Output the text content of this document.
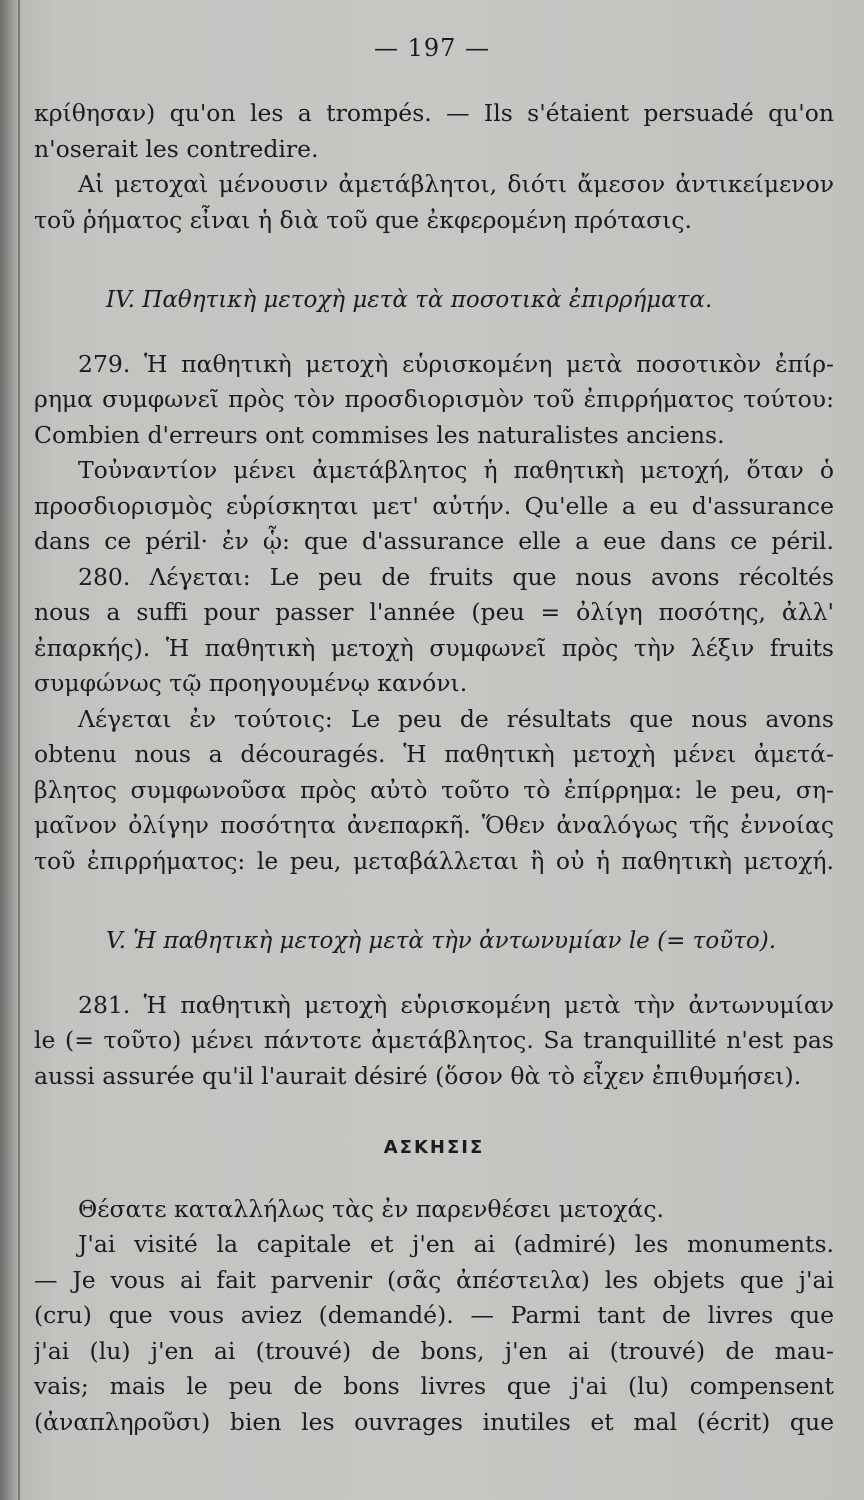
— 197 —
κρίθησαν) qu'on les a trompés. — Ils s'étaient persuadé qu'on
n'oserait les contredire.
Αἱ μετοχαὶ μένουσιν ἀμετάβλητοι, διότι ἄμεσον ἀντικείμενον
τοῦ ῥήματος εἶναι ἡ διὰ τοῦ que ἐκφερομένη πρότασις.
IV. Παθητικὴ μετοχὴ μετὰ τὰ ποσοτικὰ ἐπιρρήματα.
279. Ἡ παθητικὴ μετοχὴ εὑρισκομένη μετὰ ποσοτικὸν ἐπίρ-
ρημα συμφωνεῖ πρὸς τὸν προσδιορισμὸν τοῦ ἐπιρρήματος τούτου:
Combien d'erreurs ont commises les naturalistes anciens.
Τοὐναντίον μένει ἀμετάβλητος ἡ παθητικὴ μετοχή, ὅταν ὁ
προσδιορισμὸς εὑρίσκηται μετ' αὐτήν. Qu'elle a eu d'assurance
dans ce péril· ἐν ᾧ: que d'assurance elle a eue dans ce péril.
280. Λέγεται: Le peu de fruits que nous avons récoltés
nous a suffi pour passer l'année (peu = ὀλίγη ποσότης, ἀλλ'
ἐπαρκής). Ἡ παθητικὴ μετοχὴ συμφωνεῖ πρὸς τὴν λέξιν fruits
συμφώνως τῷ προηγουμένῳ κανόνι.
Λέγεται ἐν τούτοις: Le peu de résultats que nous avons
obtenu nous a découragés. Ἡ παθητικὴ μετοχὴ μένει ἀμετά-
βλητος συμφωνοῦσα πρὸς αὐτὸ τοῦτο τὸ ἐπίρρημα: le peu, ση-
μαῖνον ὀλίγην ποσότητα ἀνεπαρκῆ. Ὅθεν ἀναλόγως τῆς ἐννοίας
τοῦ ἐπιρρήματος: le peu, μεταβάλλεται ἢ οὐ ἡ παθητικὴ μετοχή.
V. Ἡ παθητικὴ μετοχὴ μετὰ τὴν ἀντωνυμίαν le (= τοῦτο).
281. Ἡ παθητικὴ μετοχὴ εὑρισκομένη μετὰ τὴν ἀντωνυμίαν
le (= τοῦτο) μένει πάντοτε ἀμετάβλητος. Sa tranquillité n'est pas
aussi assurée qu'il l'aurait désiré (ὅσον θὰ τὸ εἶχεν ἐπιθυμήσει).
ΑΣΚΗΣΙΣ
Θέσατε καταλλήλως τὰς ἐν παρενθέσει μετοχάς.
J'ai visité la capitale et j'en ai (admiré) les monuments.
— Je vous ai fait parvenir (σᾶς ἀπέστειλα) les objets que j'ai
(cru) que vous aviez (demandé). — Parmi tant de livres que
j'ai (lu) j'en ai (trouvé) de bons, j'en ai (trouvé) de mau-
vais; mais le peu de bons livres que j'ai (lu) compensent
(ἀναπληροῦσι) bien les ouvrages inutiles et mal (écrit) que
